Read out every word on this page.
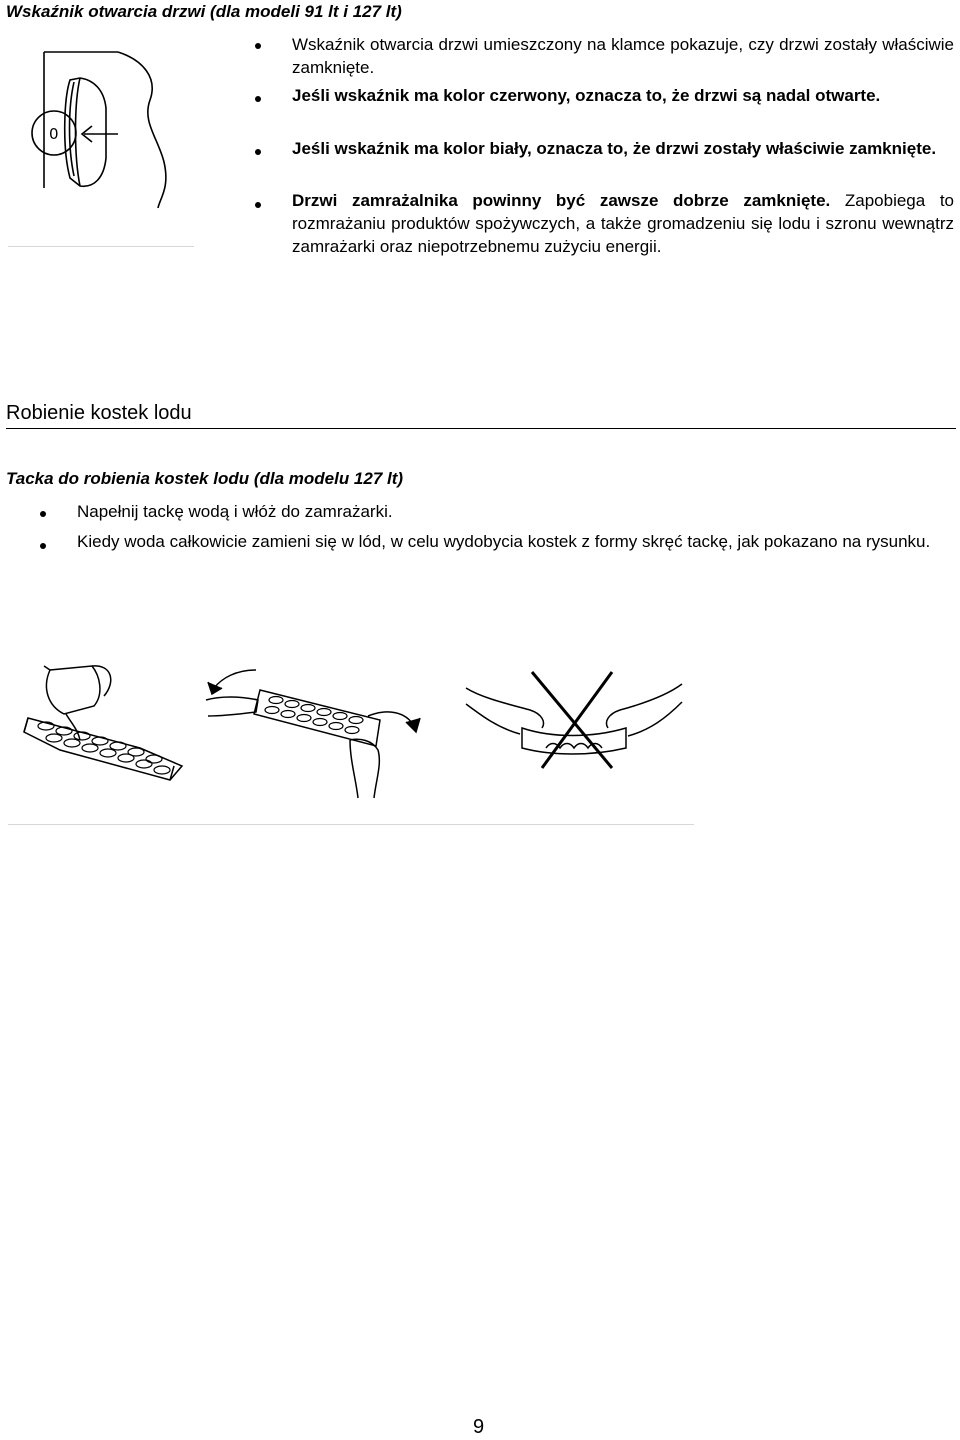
Wskaźnik otwarcia drzwi (dla modeli 91 lt i 127 lt)
0
Wskaźnik otwarcia drzwi umieszczony na klamce pokazuje, czy drzwi zostały właściwie zamknięte.
Jeśli wskaźnik ma kolor czerwony, oznacza to, że drzwi są nadal otwarte.
Jeśli wskaźnik ma kolor biały, oznacza to, że drzwi zostały właściwie zamknięte.
Drzwi zamrażalnika powinny być zawsze dobrze zamknięte. Zapobiega to rozmrażaniu produktów spożywczych, a także gromadzeniu się lodu i szronu wewnątrz zamrażarki oraz niepotrzebnemu zużyciu energii.
Robienie kostek lodu
Tacka do robienia kostek lodu (dla modelu 127 lt)
Napełnij tackę wodą i włóż do zamrażarki.
Kiedy woda całkowicie zamieni się w lód, w celu wydobycia kostek z formy skręć tackę, jak pokazano na rysunku.
9
